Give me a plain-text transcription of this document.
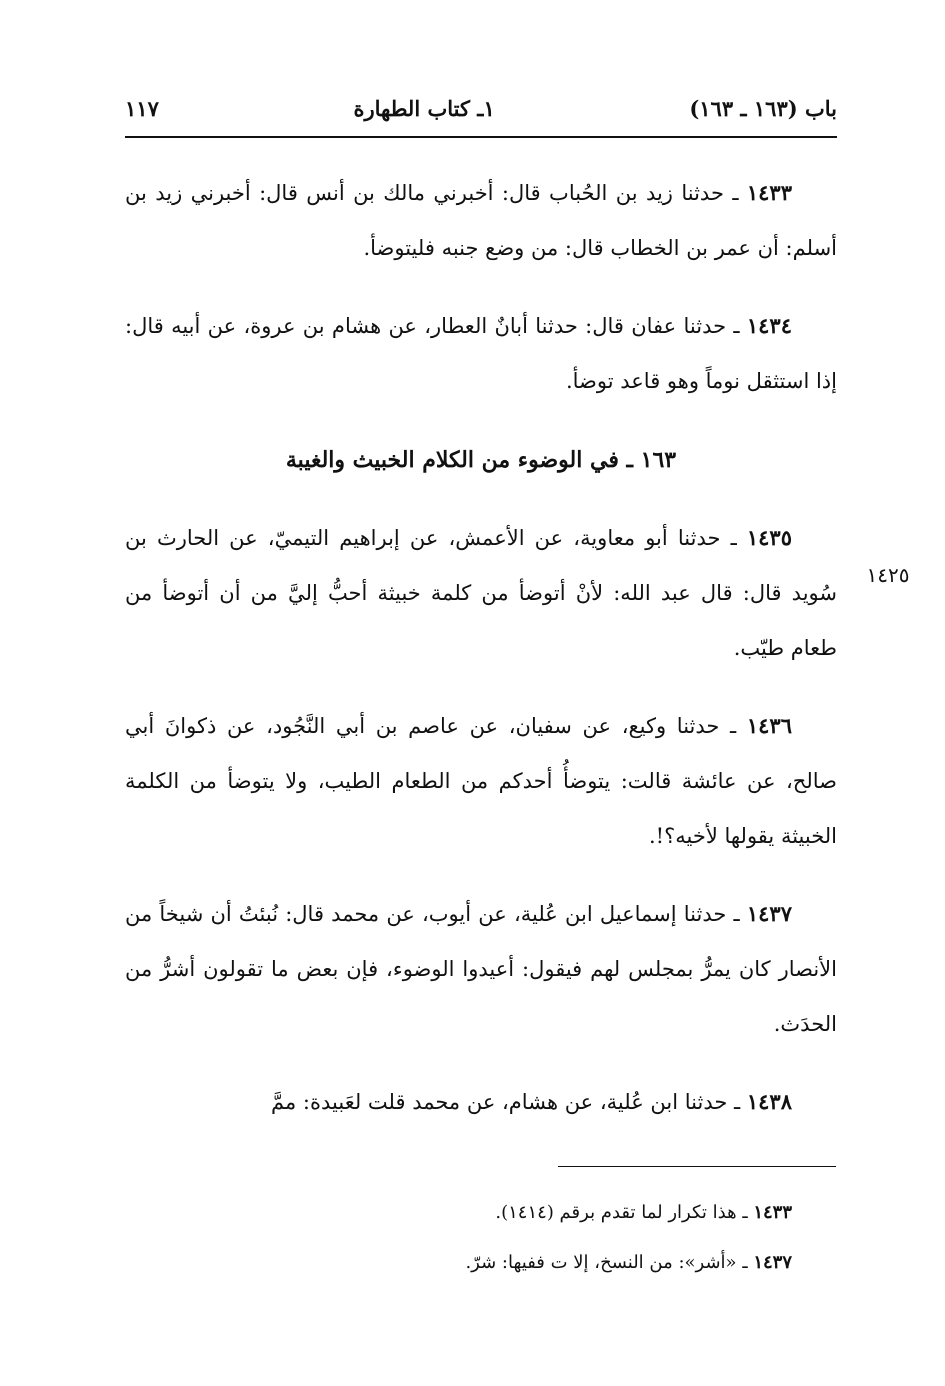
باب (١٦٣ ـ ١٦٣)
١ـ كتاب الطهارة
١١٧
١٤٢٥

١٤٣٣ ـ حدثنا زيد بن الحُباب قال: أخبرني مالك بن أنس قال: أخبرني زيد بن أسلم: أن عمر بن الخطاب قال: من وضع جنبه فليتوضأ.

١٤٣٤ ـ حدثنا عفان قال: حدثنا أبانٌ العطار، عن هشام بن عروة، عن أبيه قال: إذا استثقل نوماً وهو قاعد توضأ.

١٦٣ ـ في الوضوء من الكلام الخبيث والغيبة

١٤٣٥ ـ حدثنا أبو معاوية، عن الأعمش، عن إبراهيم التيميّ، عن الحارث بن سُويد قال: قال عبد الله: لأنْ أتوضأ من كلمة خبيثة أحبُّ إليَّ من أن أتوضأ من طعام طيّب.

١٤٣٦ ـ حدثنا وكيع، عن سفيان، عن عاصم بن أبي النَّجُود، عن ذكوانَ أبي صالح، عن عائشة قالت: يتوضأُ أحدكم من الطعام الطيب، ولا يتوضأ من الكلمة الخبيثة يقولها لأخيه؟!.

١٤٣٧ ـ حدثنا إسماعيل ابن عُلية، عن أيوب، عن محمد قال: نُبئتُ أن شيخاً من الأنصار كان يمرُّ بمجلس لهم فيقول: أعيدوا الوضوء، فإن بعض ما تقولون أشرُّ من الحدَث.

١٤٣٨ ـ حدثنا ابن عُلية، عن هشام، عن محمد قلت لعَبيدة: ممَّ

١٤٣٣ ـ هذا تكرار لما تقدم برقم (١٤١٤).

١٤٣٧ ـ «أشر»: من النسخ، إلا ت ففيها: شرّ.
